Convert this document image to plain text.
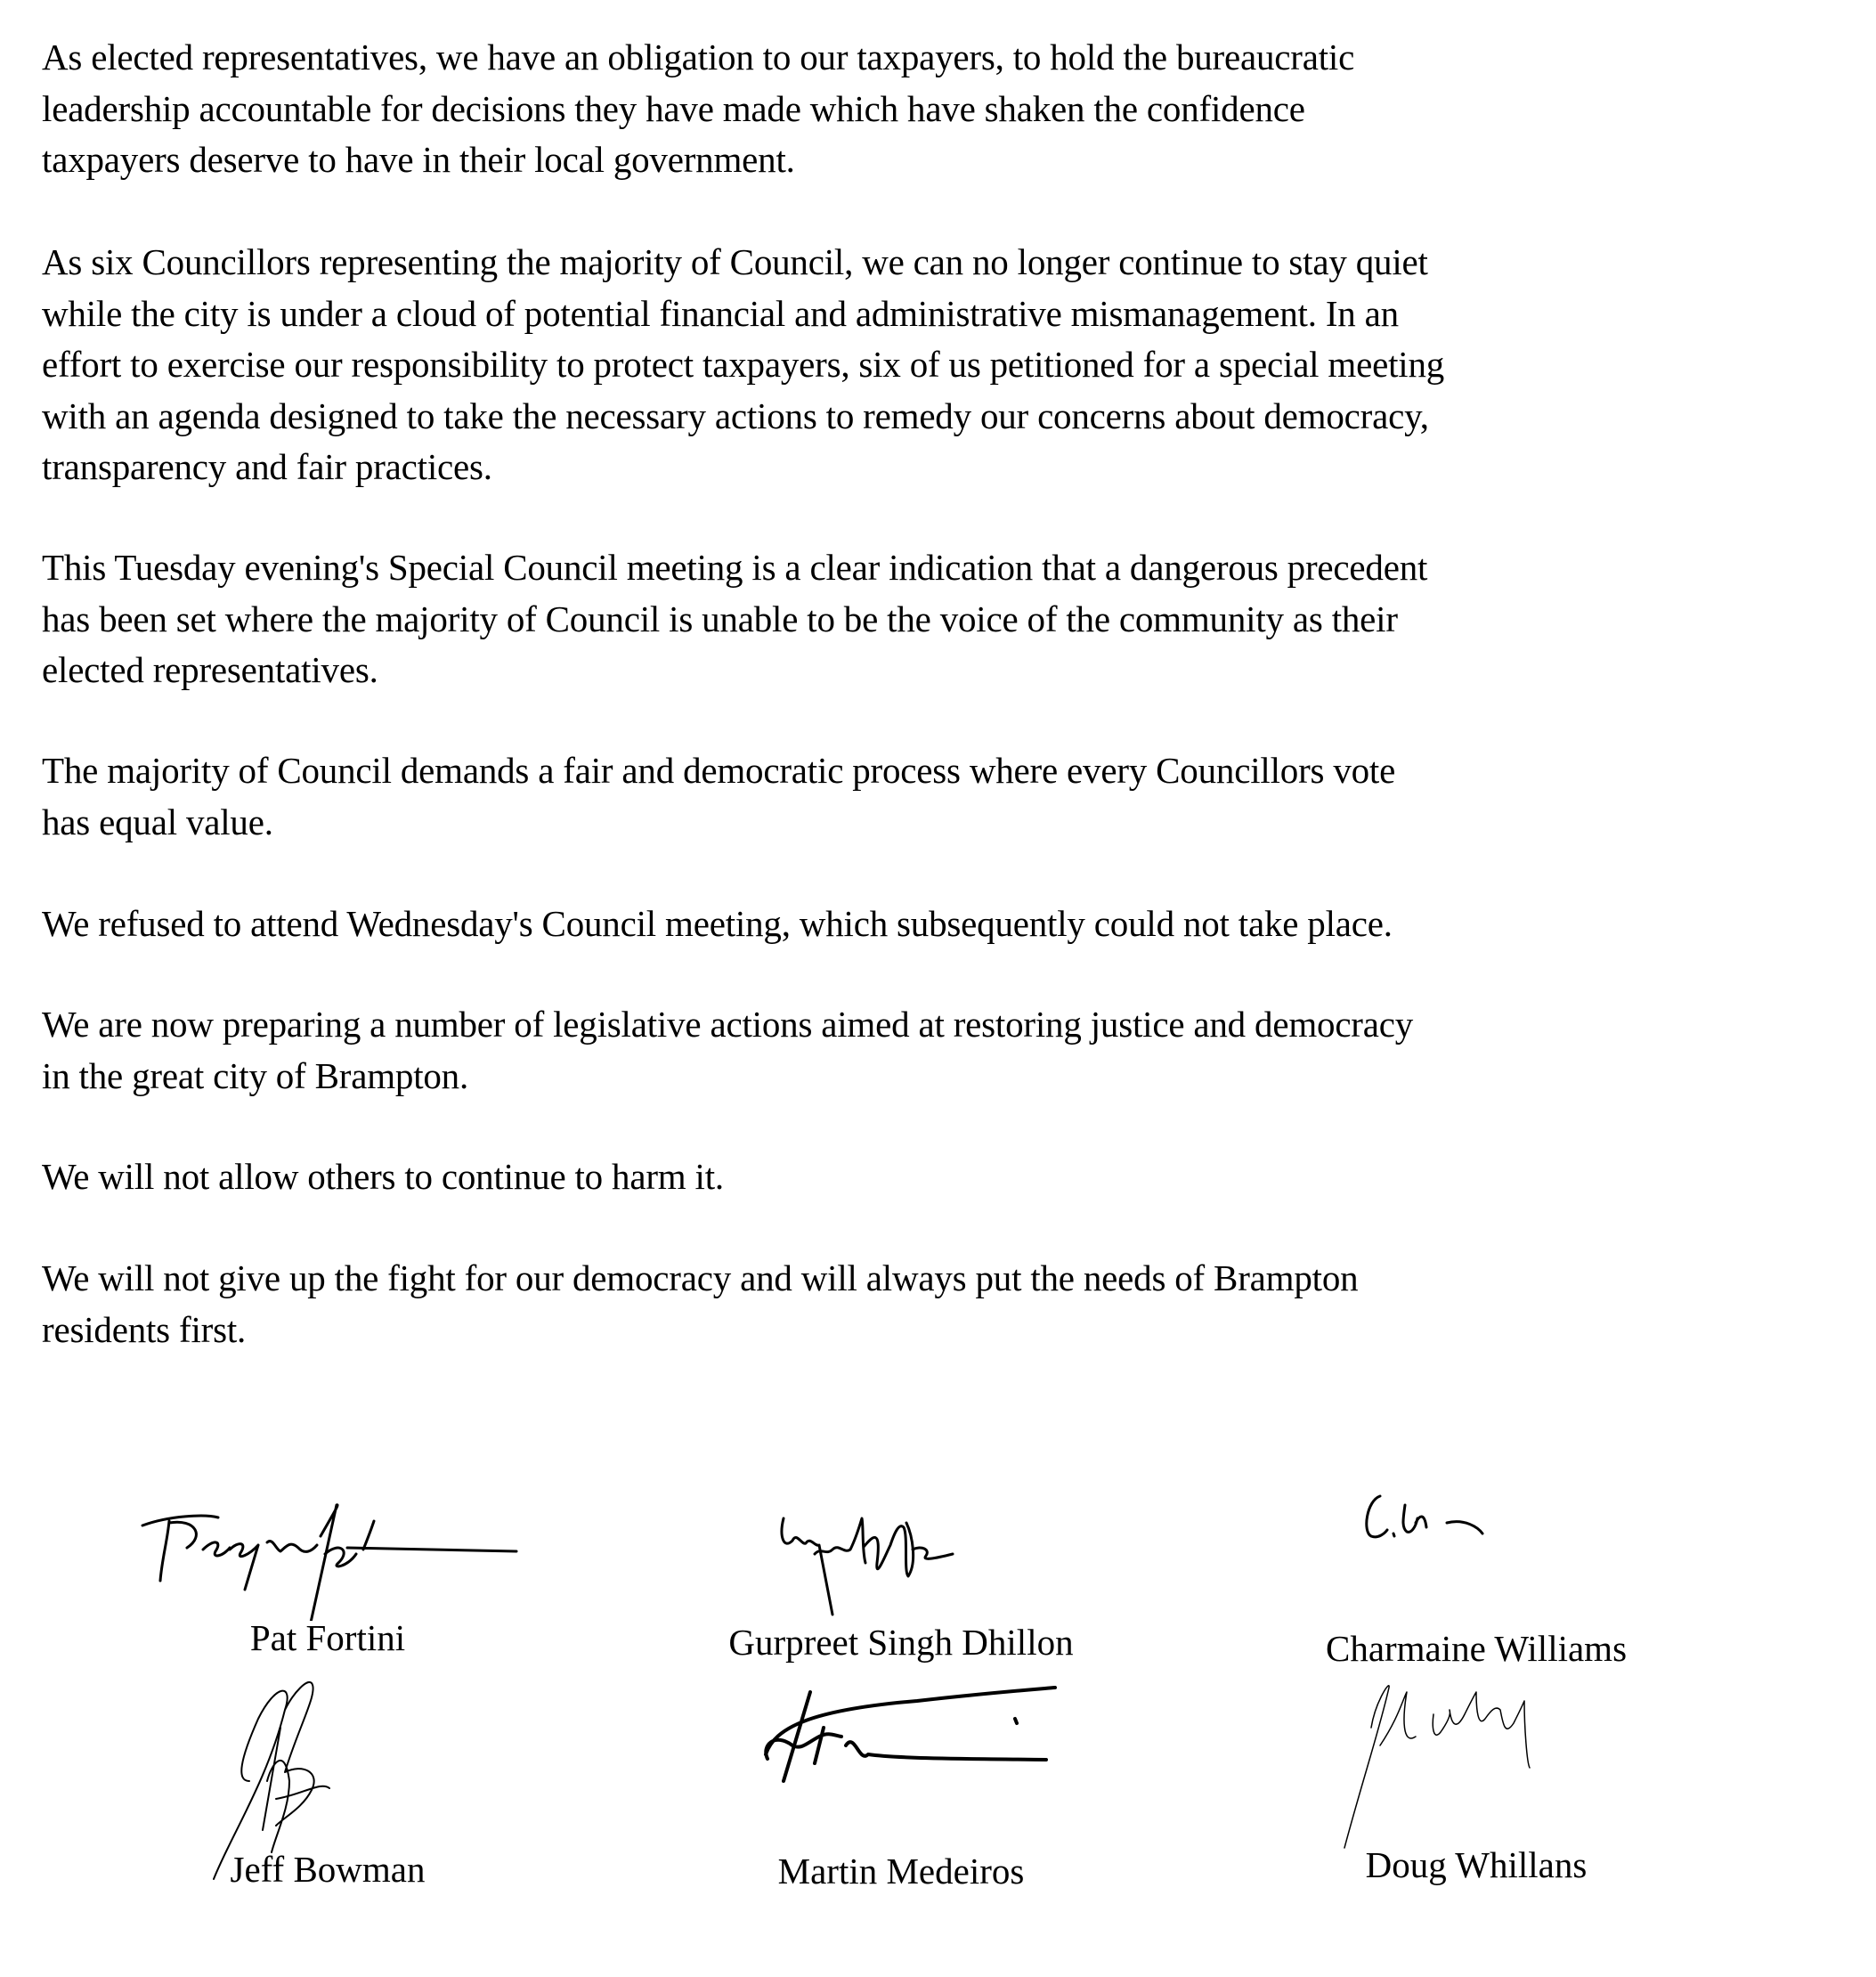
As elected representatives, we have an obligation to our taxpayers, to hold the bureaucratic
leadership accountable for decisions they have made which have shaken the confidence
taxpayers deserve to have in their local government.

As six Councillors representing the majority of Council, we can no longer continue to stay quiet
while the city is under a cloud of potential financial and administrative mismanagement. In an
effort to exercise our responsibility to protect taxpayers, six of us petitioned for a special meeting
with an agenda designed to take the necessary actions to remedy our concerns about democracy,
transparency and fair practices.

This Tuesday evening's Special Council meeting is a clear indication that a dangerous precedent
has been set where the majority of Council is unable to be the voice of the community as their
elected representatives.

The majority of Council demands a fair and democratic process where every Councillors vote
has equal value.

We refused to attend Wednesday's Council meeting, which subsequently could not take place.

We are now preparing a number of legislative actions aimed at restoring justice and democracy
in the great city of Brampton.

We will not allow others to continue to harm it.

We will not give up the fight for our democracy and will always put the needs of Brampton
residents first.

Pat Fortini	Gurpreet Singh Dhillon	Charmaine Williams
Jeff Bowman	Martin Medeiros	Doug Whillans
